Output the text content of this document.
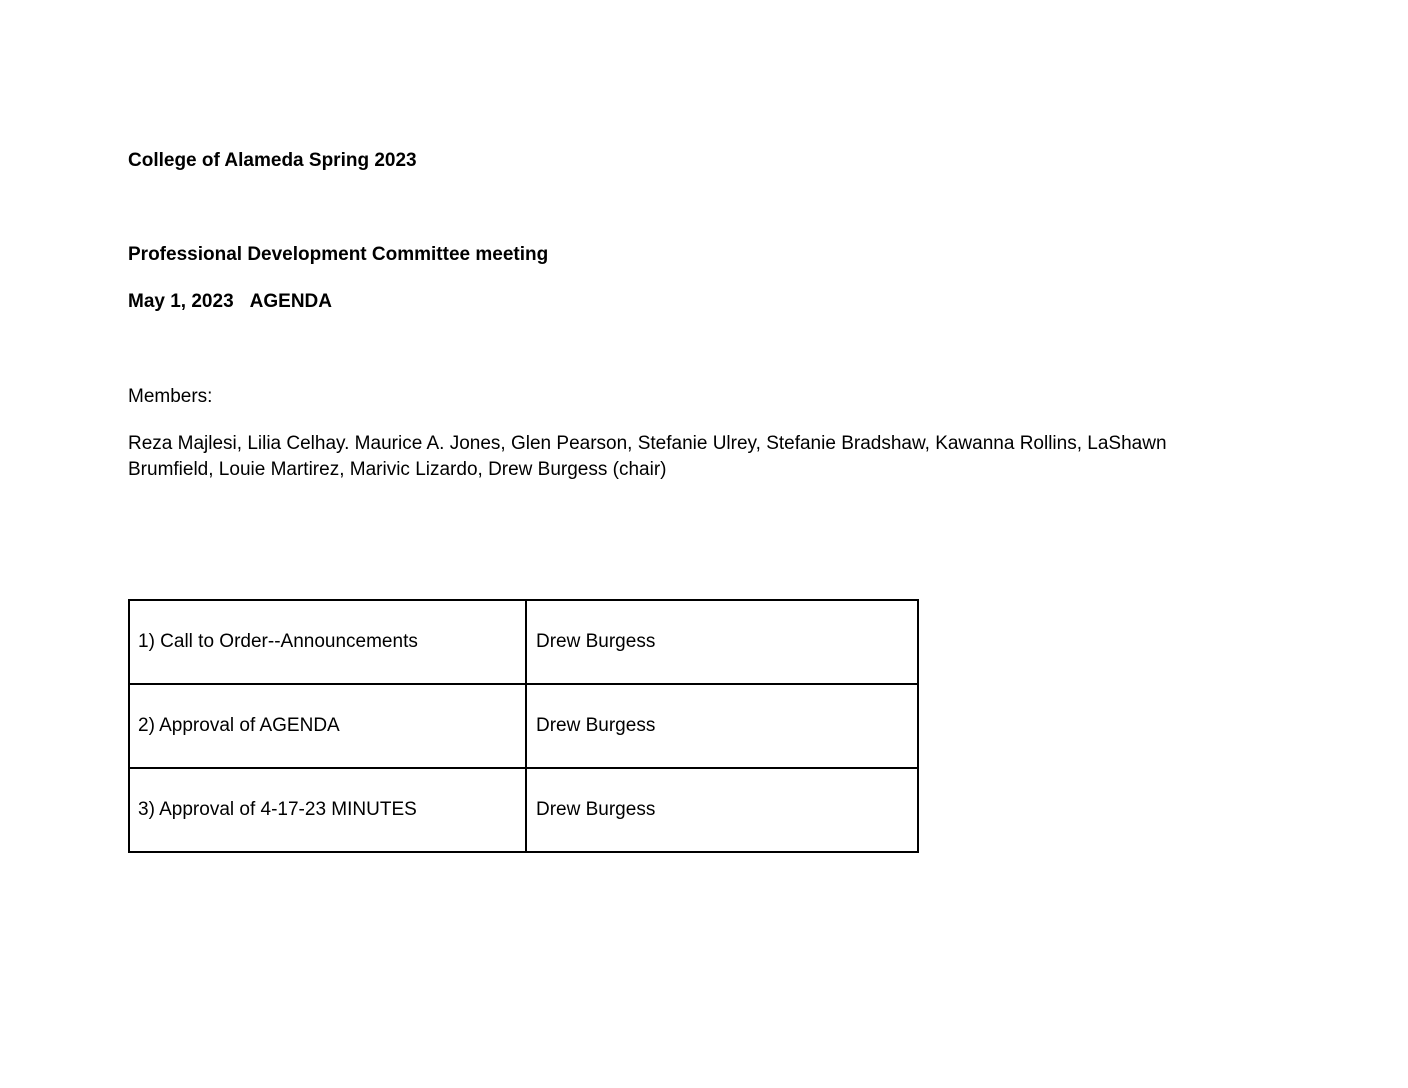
College of Alameda Spring 2023
Professional Development Committee meeting
May 1, 2023 AGENDA
Members:
Reza Majlesi, Lilia Celhay. Maurice A. Jones, Glen Pearson, Stefanie Ulrey, Stefanie Bradshaw, Kawanna Rollins, LaShawn Brumfield, Louie Martirez, Marivic Lizardo, Drew Burgess (chair)
1) Call to Order--Announcements	Drew Burgess
2) Approval of AGENDA	Drew Burgess
3) Approval of 4-17-23 MINUTES	Drew Burgess
